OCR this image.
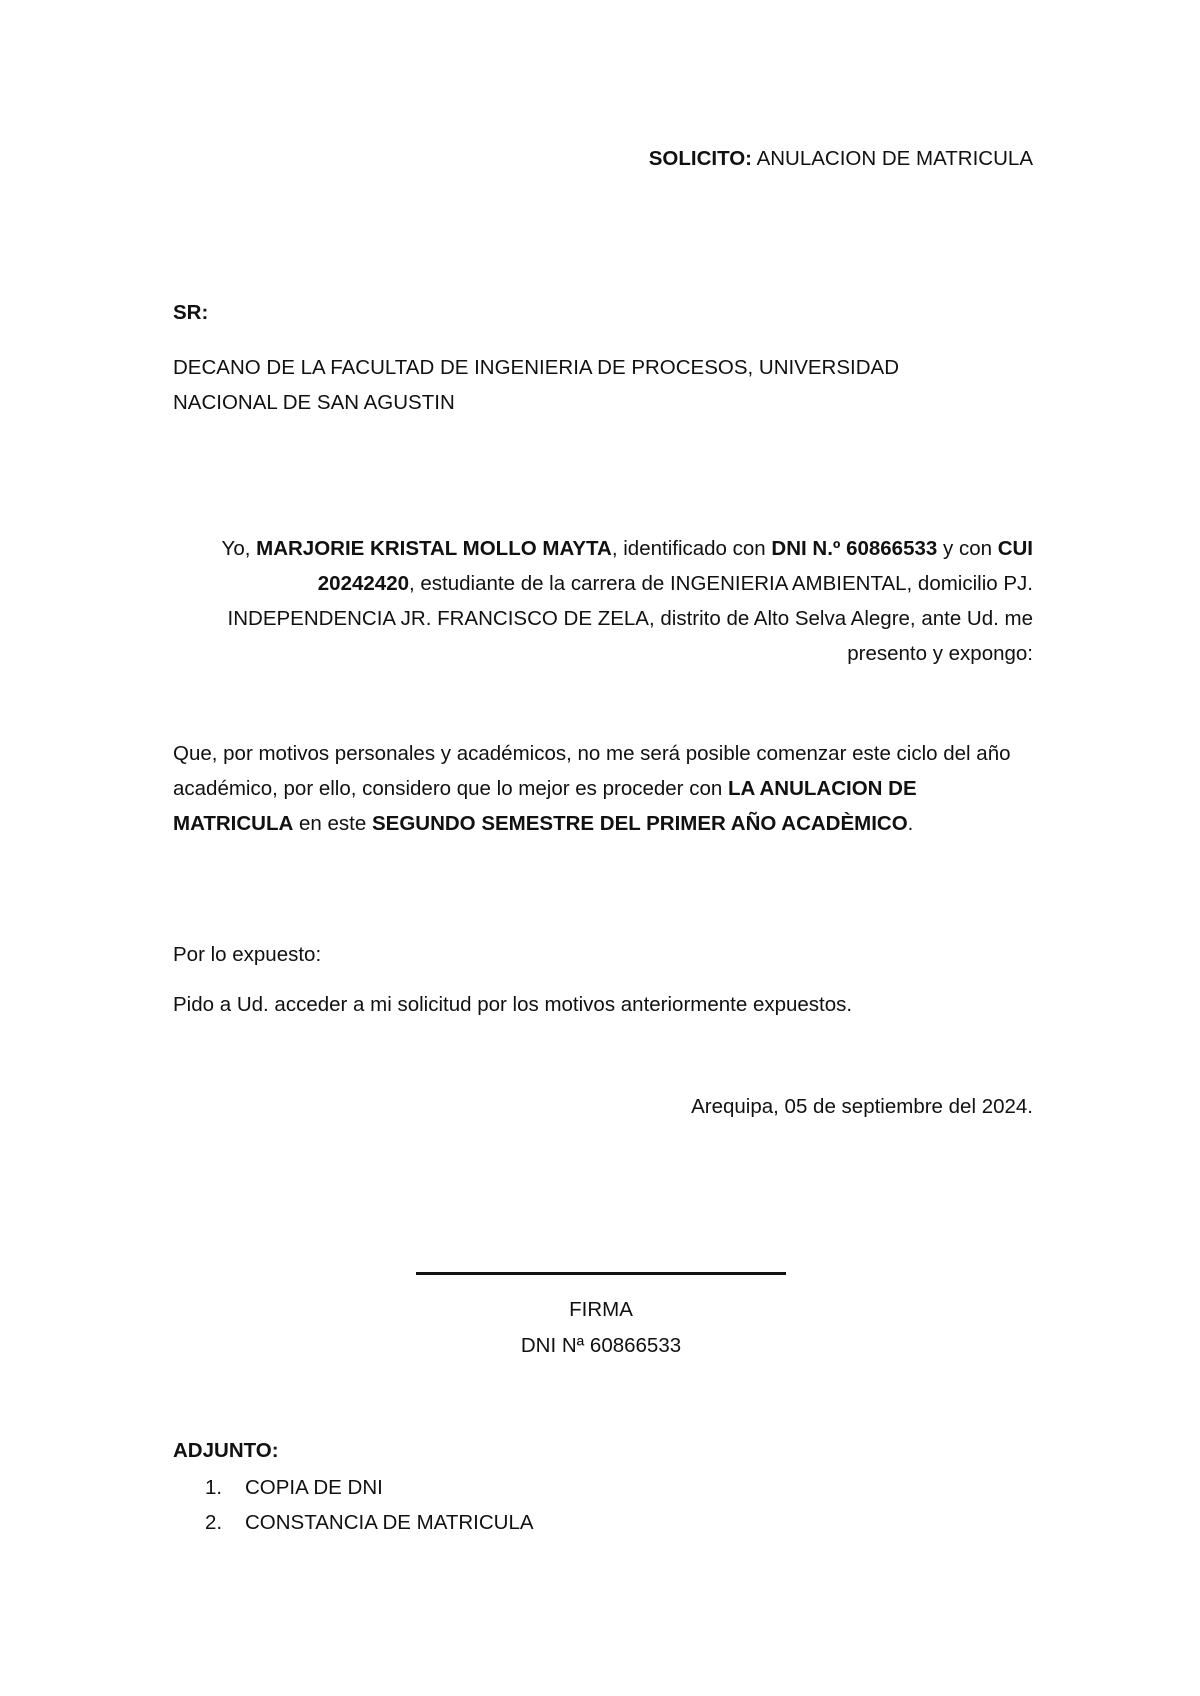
SOLICITO: ANULACION DE MATRICULA
SR:
DECANO DE LA FACULTAD DE INGENIERIA DE PROCESOS, UNIVERSIDAD NACIONAL DE SAN AGUSTIN
Yo, MARJORIE KRISTAL MOLLO MAYTA, identificado con DNI N.º 60866533 y con CUI 20242420, estudiante de la carrera de INGENIERIA AMBIENTAL, domicilio PJ. INDEPENDENCIA JR. FRANCISCO DE ZELA, distrito de Alto Selva Alegre, ante Ud. me presento y expongo:
Que, por motivos personales y académicos, no me será posible comenzar este ciclo del año académico, por ello, considero que lo mejor es proceder con LA ANULACION DE MATRICULA en este SEGUNDO SEMESTRE DEL PRIMER AÑO ACADÈMICO.
Por lo expuesto:
Pido a Ud. acceder a mi solicitud por los motivos anteriormente expuestos.
Arequipa, 05 de septiembre del 2024.
FIRMA
DNI Nª 60866533
ADJUNTO:
1.	COPIA DE DNI
2.	CONSTANCIA DE MATRICULA
